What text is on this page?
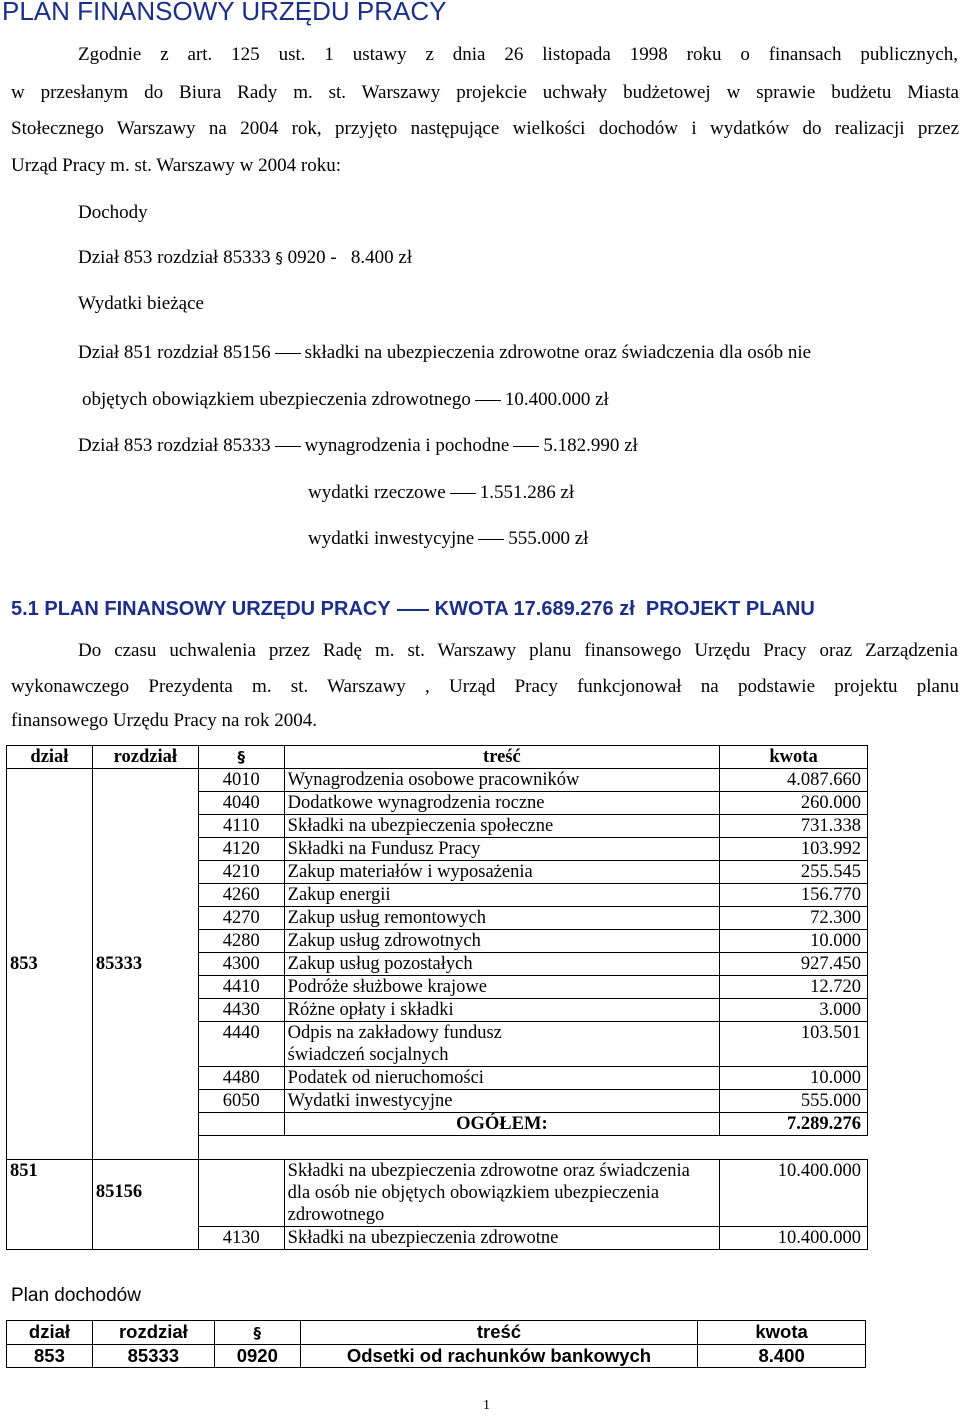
PLAN FINANSOWY URZĘDU PRACY
Zgodnie z art. 125 ust. 1 ustawy z dnia 26 listopada 1998 roku o finansach publicznych,
w przesłanym do Biura Rady m. st. Warszawy projekcie uchwały budżetowej w sprawie budżetu Miasta
Stołecznego Warszawy na 2004 rok, przyjęto następujące wielkości dochodów i wydatków do realizacji przez
Urząd Pracy m. st. Warszawy w 2004 roku:
Dochody
Dział 853 rozdział 85333 § 0920 - 8.400 zł
Wydatki bieżące
Dział 851 rozdział 85156 składki na ubezpieczenia zdrowotne oraz świadczenia dla osób nie
objętych obowiązkiem ubezpieczenia zdrowotnego 10.400.000 zł
Dział 853 rozdział 85333 wynagrodzenia i pochodne 5.182.990 zł
wydatki rzeczowe 1.551.286 zł
wydatki inwestycyjne 555.000 zł
5.1 PLAN FINANSOWY URZĘDU PRACY KWOTA 17.689.276 zł PROJEKT PLANU
Do czasu uchwalenia przez Radę m. st. Warszawy planu finansowego Urzędu Pracy oraz Zarządzenia
wykonawczego Prezydenta m. st. Warszawy , Urząd Pracy funkcjonował na podstawie projektu planu
finansowego Urzędu Pracy na rok 2004.
dział	rozdział	§	treść	kwota
853	85333	4010	Wynagrodzenia osobowe pracowników	4.087.660
		4040	Dodatkowe wynagrodzenia roczne	260.000
		4110	Składki na ubezpieczenia społeczne	731.338
		4120	Składki na Fundusz Pracy	103.992
		4210	Zakup materiałów i wyposażenia	255.545
		4260	Zakup energii	156.770
		4270	Zakup usług remontowych	72.300
		4280	Zakup usług zdrowotnych	10.000
		4300	Zakup usług pozostałych	927.450
		4410	Podróże służbowe krajowe	12.720
		4430	Różne opłaty i składki	3.000
		4440	Odpis na zakładowy fundusz świadczeń socjalnych	103.501
		4480	Podatek od nieruchomości	10.000
		6050	Wydatki inwestycyjne	555.000
			OGÓŁEM:	7.289.276

851	85156		Składki na ubezpieczenia zdrowotne oraz świadczenia dla osób nie objętych obowiązkiem ubezpieczenia zdrowotnego	10.400.000
		4130	Składki na ubezpieczenia zdrowotne	10.400.000
Plan dochodów
dział	rozdział	§	treść	kwota
853	85333	0920	Odsetki od rachunków bankowych	8.400
1
